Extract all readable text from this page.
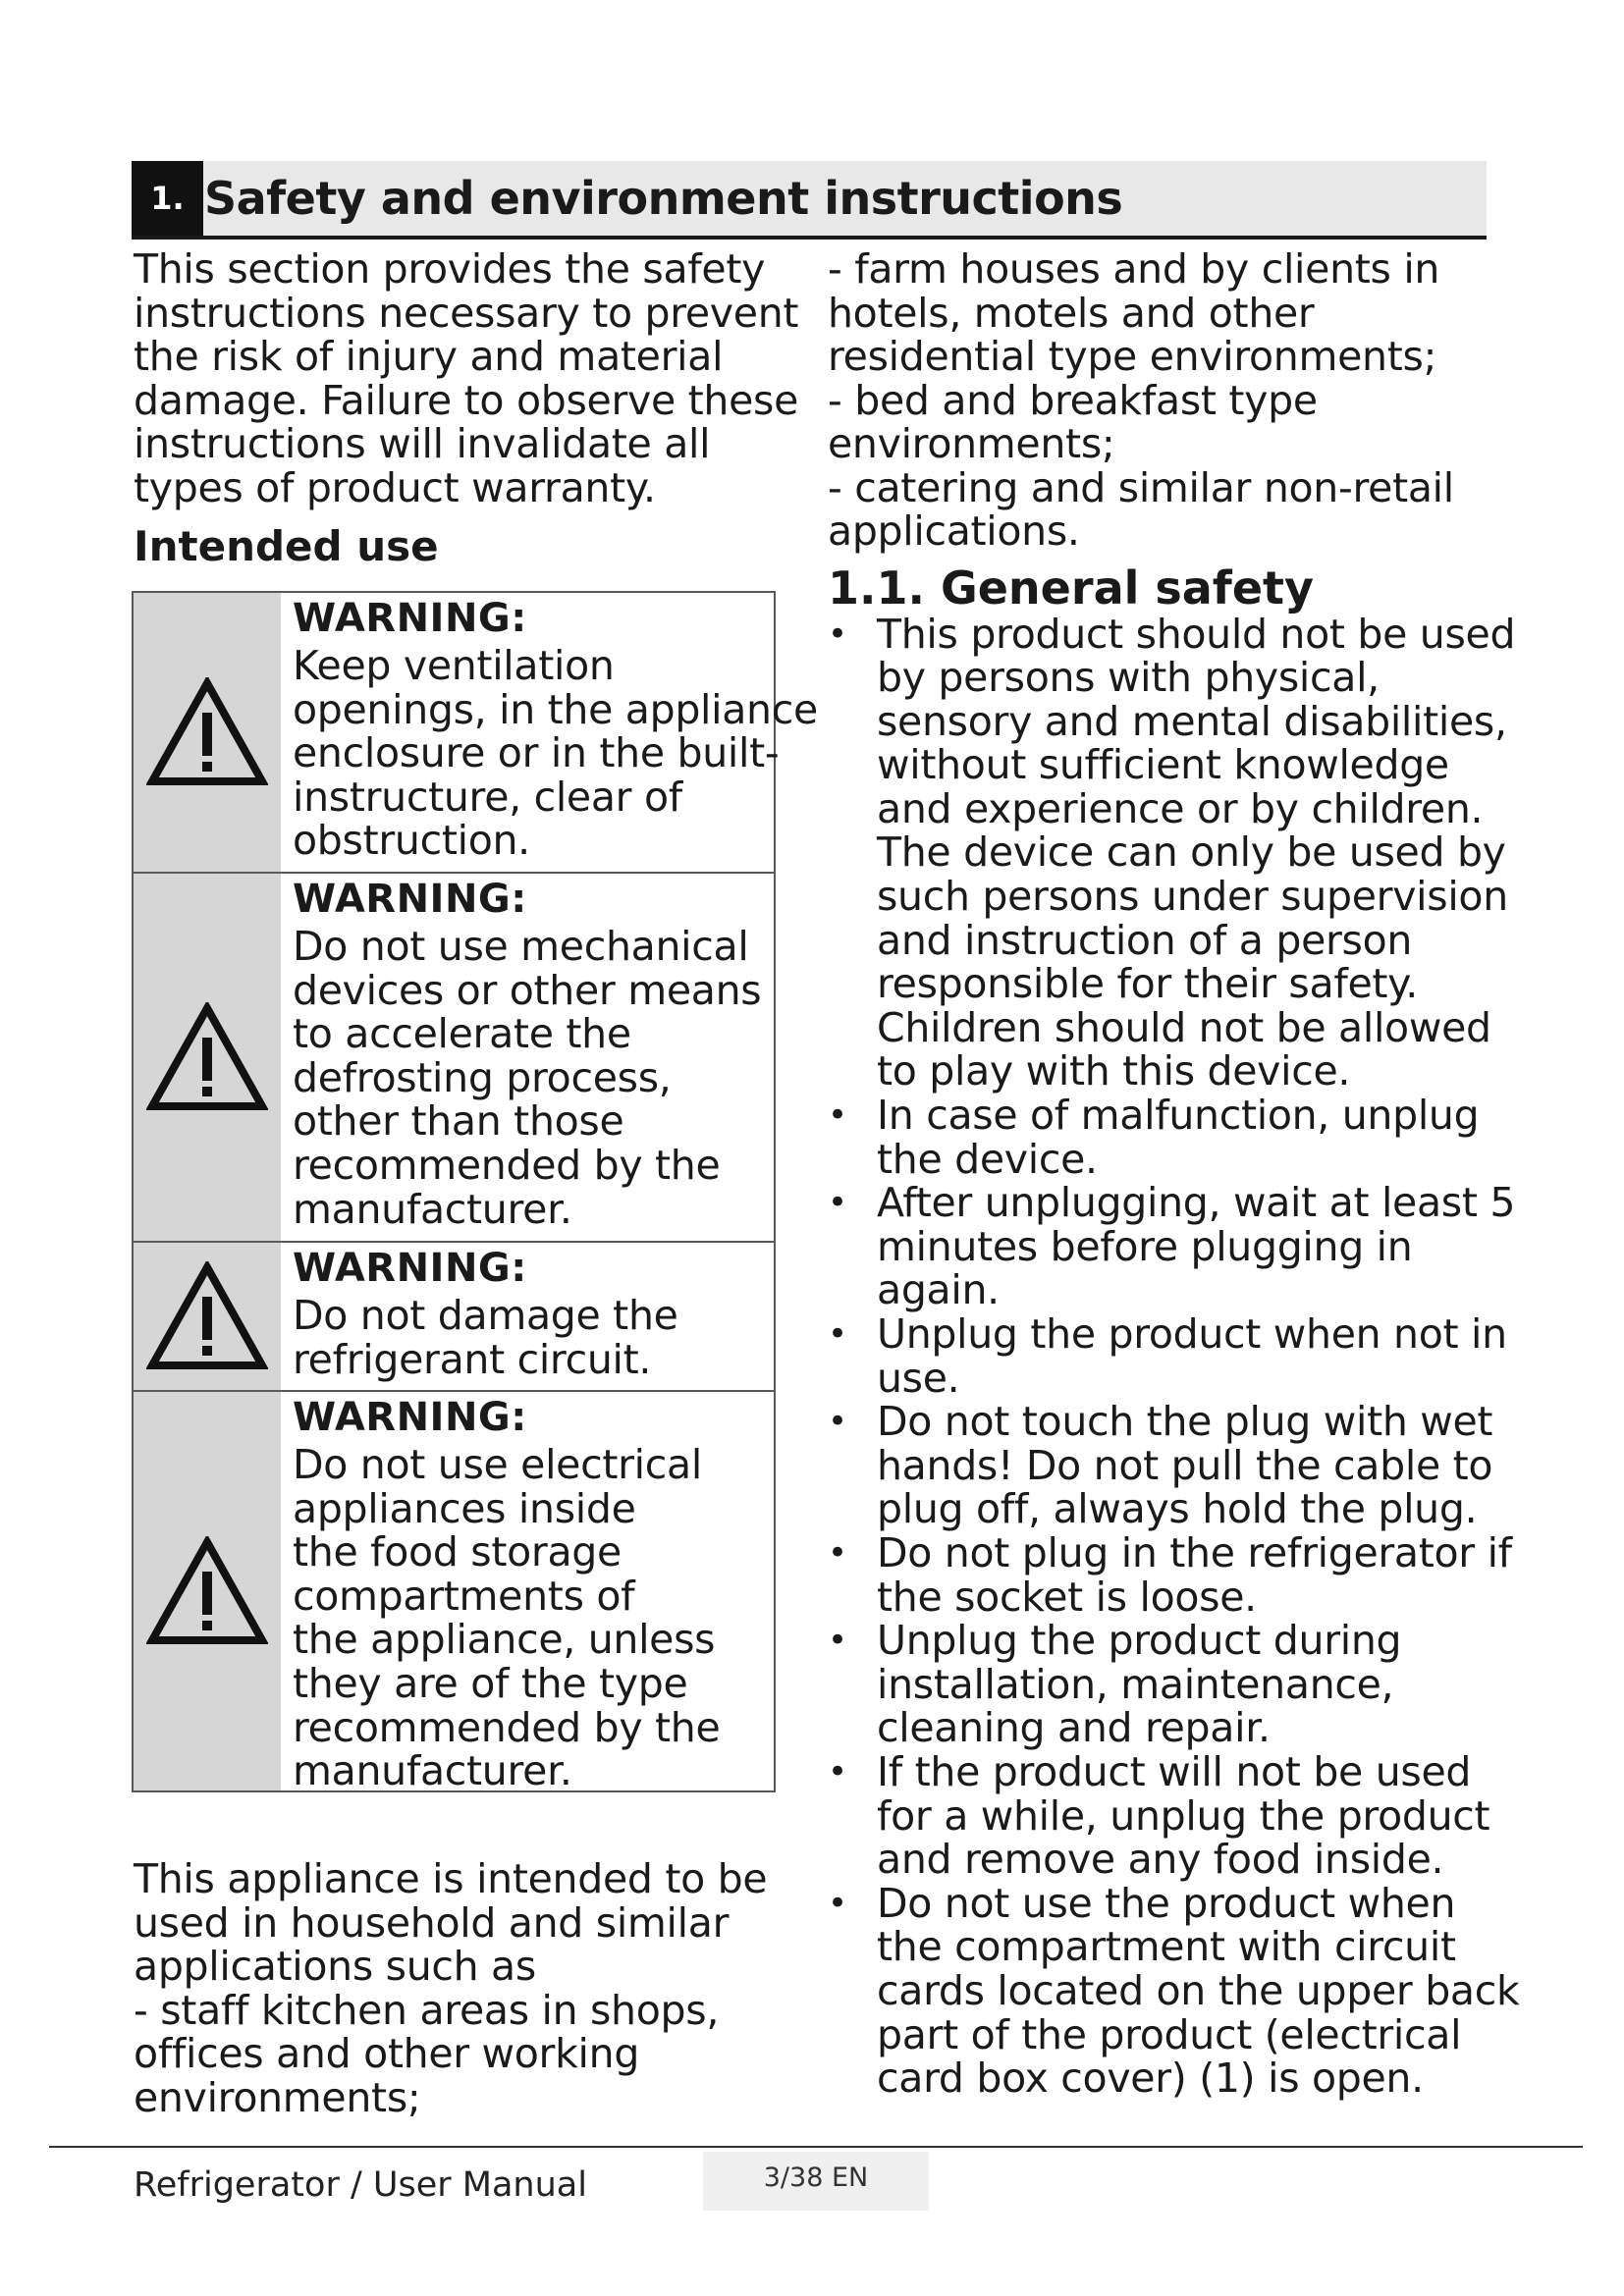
1. Safety and environment instructions

This section provides the safety instructions necessary to prevent the risk of injury and material damage. Failure to observe these instructions will invalidate all types of product warranty.

Intended use

WARNING:

Keep ventilation

openings, in the appliance

enclosure or in the built-

instructure, clear of

obstruction.

WARNING:

Do not use mechanical

devices or other means

to accelerate the

defrosting process,

other than those

recommended by the

manufacturer.

WARNING:

Do not damage the

refrigerant circuit.

WARNING:

Do not use electrical

appliances inside

the food storage

compartments of

the appliance, unless

they are of the type

recommended by the

manufacturer.

This appliance is intended to be used in household and similar applications such as

- staff kitchen areas in shops, offices and other working environments;

- farm houses and by clients in hotels, motels and other residential type environments;

- bed and breakfast type environments;

- catering and similar non-retail applications.

1.1. General safety

• This product should not be used by persons with physical, sensory and mental disabilities, without sufficient knowledge and experience or by children. The device can only be used by such persons under supervision and instruction of a person responsible for their safety. Children should not be allowed to play with this device.
• In case of malfunction, unplug the device.
• After unplugging, wait at least 5 minutes before plugging in again.
• Unplug the product when not in use.
• Do not touch the plug with wet hands! Do not pull the cable to plug off, always hold the plug.
• Do not plug in the refrigerator if the socket is loose.
• Unplug the product during installation, maintenance, cleaning and repair.
• If the product will not be used for a while, unplug the product and remove any food inside.
• Do not use the product when the compartment with circuit cards located on the upper back part of the product (electrical card box cover) (1) is open.
Refrigerator / User Manual	3/38 EN
